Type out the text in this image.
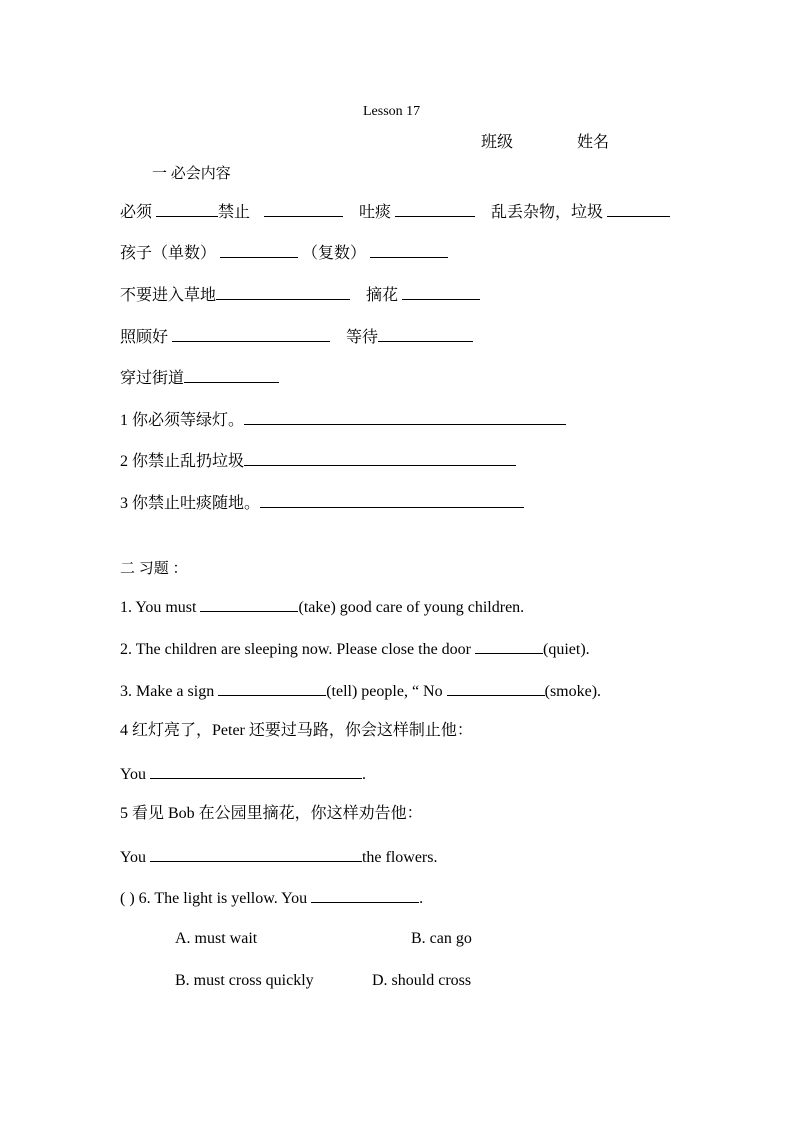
Lesson 17
班级	姓名
一 必会内容
必须	禁止	吐痰	乱丢杂物，垃圾
孩子（单数）	（复数）
不要进入草地	摘花
照顾好	等待
穿过街道
1 你必须等绿灯。
2 你禁止乱扔垃圾
3 你禁止吐痰随地。
二 习题 ：
1. You must	(take) good care of young children.
2. The children are sleeping now. Please close the door	(quiet).
3. Make a sign	(tell) people, “ No	(smoke).
4 红灯亮了，Peter 还要过马路，你会这样制止他：
You	.
5 看见 Bob 在公园里摘花，你这样劝告他：
You	the flowers.
( ) 6. The light is yellow. You	.
A. must wait	B. can go
B. must cross quickly	D. should cross
